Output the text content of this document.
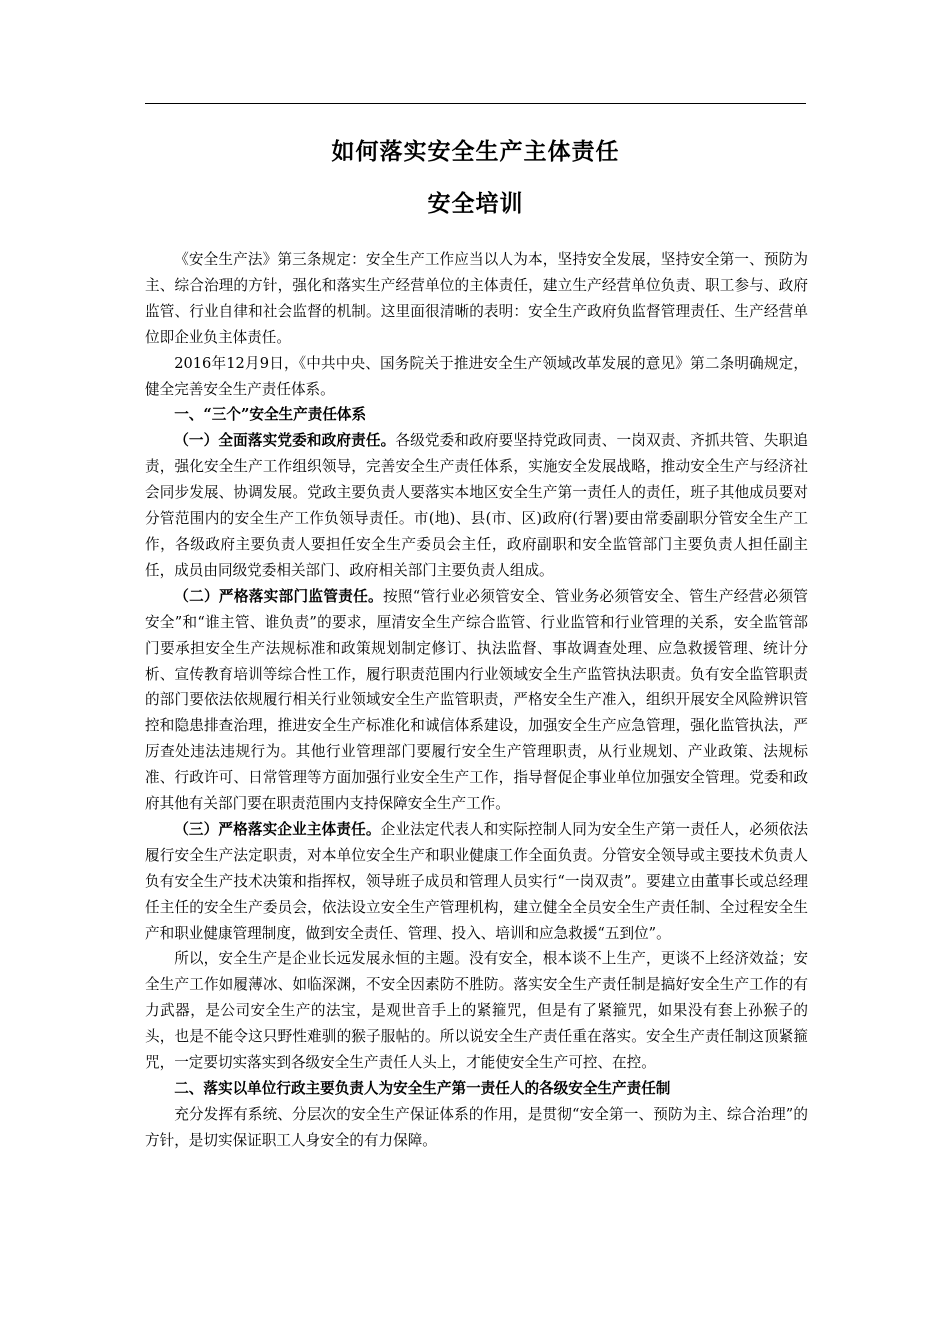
如何落实安全生产主体责任
安全培训

《安全生产法》第三条规定：安全生产工作应当以人为本，坚持安全发展，坚持安全第一、预防为主、综合治理的方针，强化和落实生产经营单位的主体责任，建立生产经营单位负责、职工参与、政府监管、行业自律和社会监督的机制。这里面很清晰的表明：安全生产政府负监督管理责任、生产经营单位即企业负主体责任。

2016年12月9日，《中共中央、国务院关于推进安全生产领域改革发展的意见》第二条明确规定，健全完善安全生产责任体系。

一、“三个”安全生产责任体系

（一）全面落实党委和政府责任。各级党委和政府要坚持党政同责、一岗双责、齐抓共管、失职追责，强化安全生产工作组织领导，完善安全生产责任体系，实施安全发展战略，推动安全生产与经济社会同步发展、协调发展。党政主要负责人要落实本地区安全生产第一责任人的责任，班子其他成员要对分管范围内的安全生产工作负领导责任。市(地)、县(市、区)政府(行署)要由常委副职分管安全生产工作，各级政府主要负责人要担任安全生产委员会主任，政府副职和安全监管部门主要负责人担任副主任，成员由同级党委相关部门、政府相关部门主要负责人组成。

（二）严格落实部门监管责任。按照“管行业必须管安全、管业务必须管安全、管生产经营必须管安全”和“谁主管、谁负责”的要求，厘清安全生产综合监管、行业监管和行业管理的关系，安全监管部门要承担安全生产法规标准和政策规划制定修订、执法监督、事故调查处理、应急救援管理、统计分析、宣传教育培训等综合性工作，履行职责范围内行业领域安全生产监管执法职责。负有安全监管职责的部门要依法依规履行相关行业领域安全生产监管职责，严格安全生产准入，组织开展安全风险辨识管控和隐患排查治理，推进安全生产标准化和诚信体系建设，加强安全生产应急管理，强化监管执法，严厉查处违法违规行为。其他行业管理部门要履行安全生产管理职责，从行业规划、产业政策、法规标准、行政许可、日常管理等方面加强行业安全生产工作，指导督促企事业单位加强安全管理。党委和政府其他有关部门要在职责范围内支持保障安全生产工作。

（三）严格落实企业主体责任。企业法定代表人和实际控制人同为安全生产第一责任人，必须依法履行安全生产法定职责，对本单位安全生产和职业健康工作全面负责。分管安全领导或主要技术负责人负有安全生产技术决策和指挥权，领导班子成员和管理人员实行“一岗双责”。要建立由董事长或总经理任主任的安全生产委员会，依法设立安全生产管理机构，建立健全全员安全生产责任制、全过程安全生产和职业健康管理制度，做到安全责任、管理、投入、培训和应急救援“五到位”。

所以，安全生产是企业长远发展永恒的主题。没有安全，根本谈不上生产，更谈不上经济效益；安全生产工作如履薄冰、如临深渊，不安全因素防不胜防。落实安全生产责任制是搞好安全生产工作的有力武器，是公司安全生产的法宝，是观世音手上的紧箍咒，但是有了紧箍咒，如果没有套上孙猴子的头，也是不能令这只野性难驯的猴子服帖的。所以说安全生产责任重在落实。安全生产责任制这顶紧箍咒，一定要切实落实到各级安全生产责任人头上，才能使安全生产可控、在控。

二、落实以单位行政主要负责人为安全生产第一责任人的各级安全生产责任制

充分发挥有系统、分层次的安全生产保证体系的作用，是贯彻“安全第一、预防为主、综合治理”的方针，是切实保证职工人身安全的有力保障。
